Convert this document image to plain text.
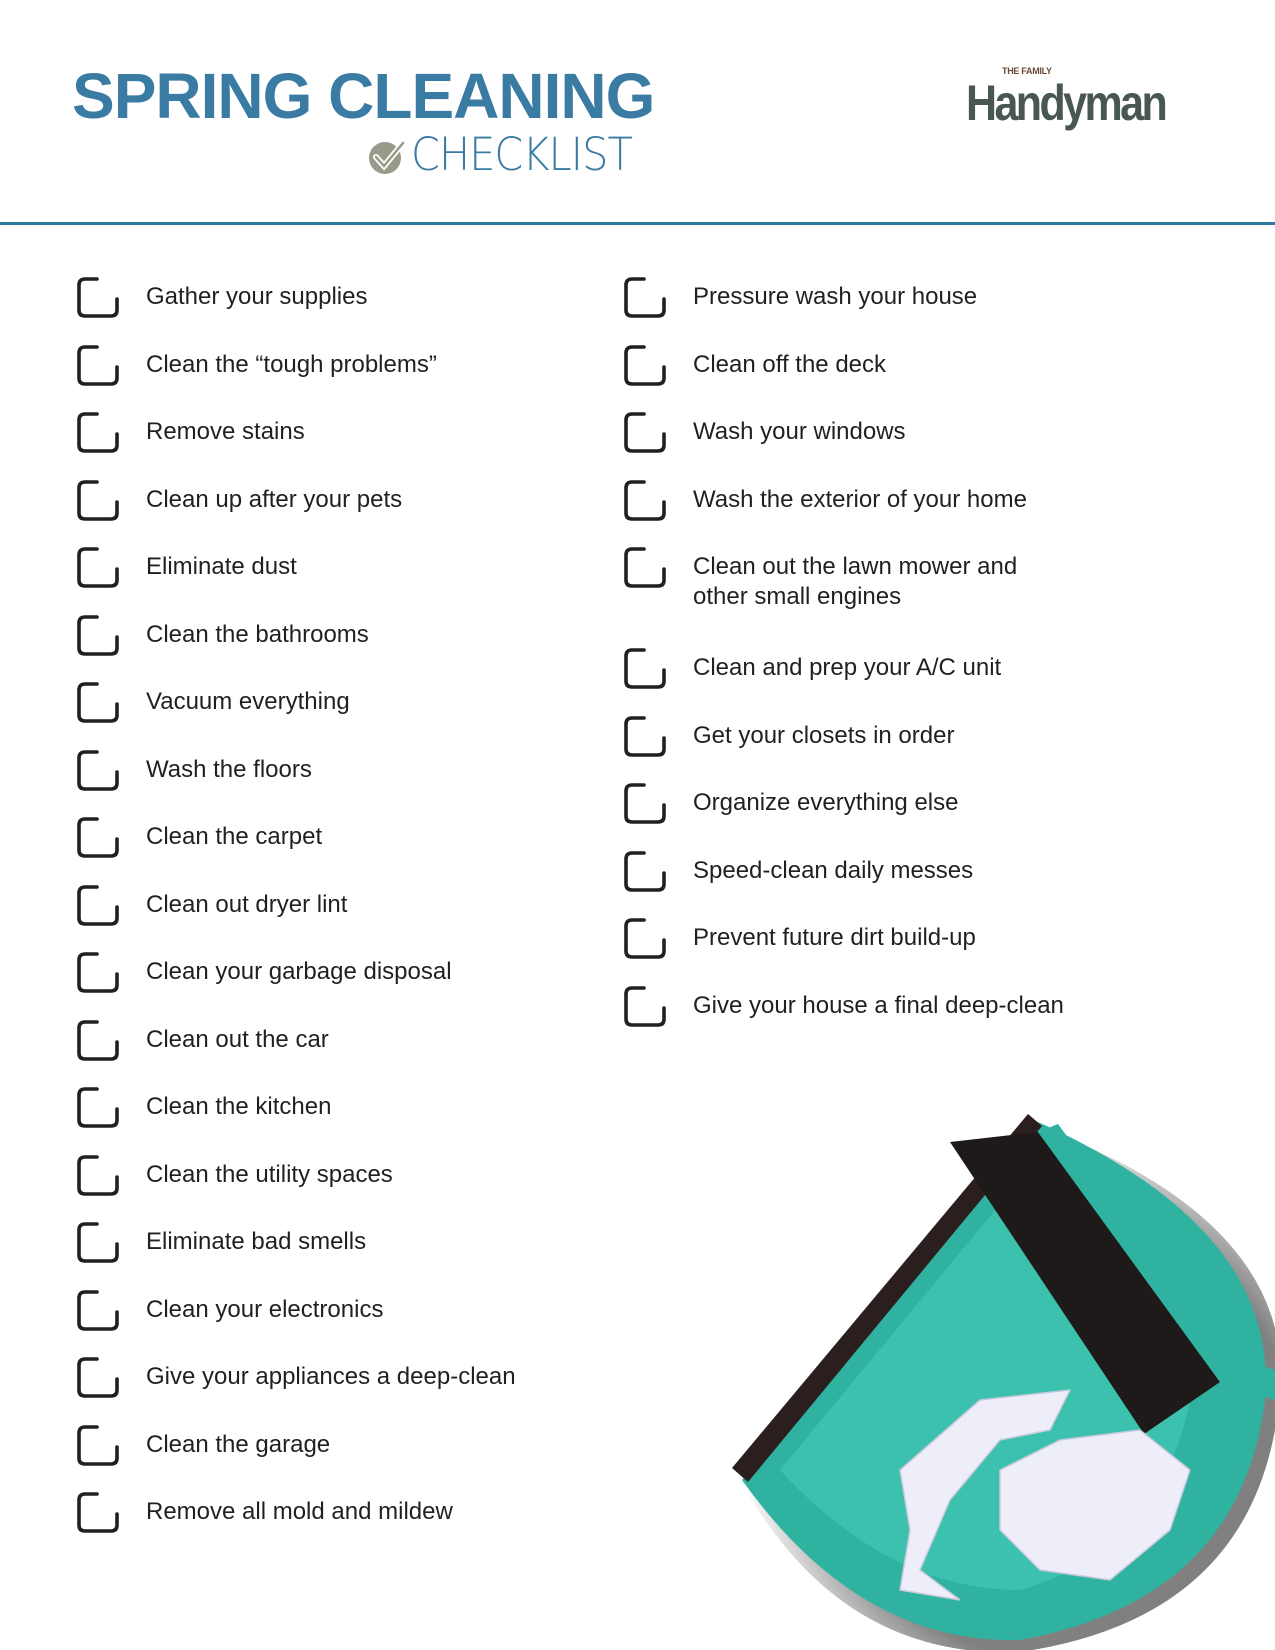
SPRING CLEANING
CHECKLIST
THE FAMILY
Handyman
Gather your supplies
Clean the “tough problems”
Remove stains
Clean up after your pets
Eliminate dust
Clean the bathrooms
Vacuum everything
Wash the floors
Clean the carpet
Clean out dryer lint
Clean your garbage disposal
Clean out the car
Clean the kitchen
Clean the utility spaces
Eliminate bad smells
Clean your electronics
Give your appliances a deep-clean
Clean the garage
Remove all mold and mildew
Pressure wash your house
Clean off the deck
Wash your windows
Wash the exterior of your home
Clean out the lawn mower and other small engines
Clean and prep your A/C unit
Get your closets in order
Organize everything else
Speed-clean daily messes
Prevent future dirt build-up
Give your house a final deep-clean
